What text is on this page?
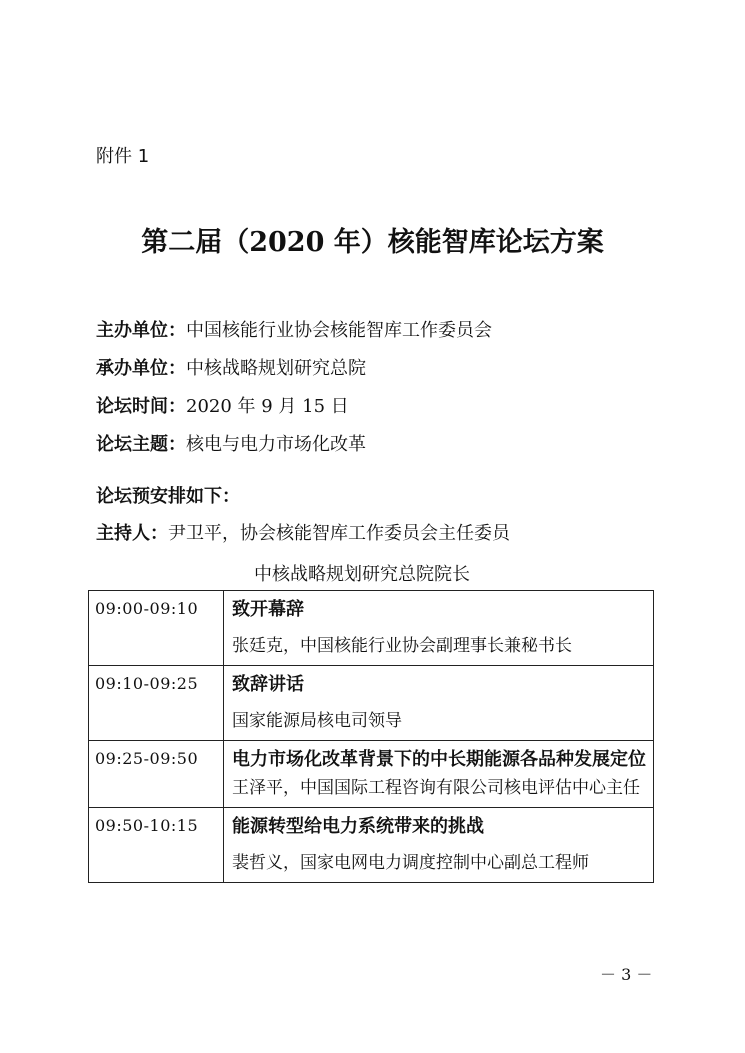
附件 1
第二届（2020 年）核能智库论坛方案
主办单位：中国核能行业协会核能智库工作委员会
承办单位：中核战略规划研究总院
论坛时间：2020 年 9 月 15 日
论坛主题：核电与电力市场化改革
论坛预安排如下：
主持人：尹卫平，协会核能智库工作委员会主任委员
中核战略规划研究总院院长
09:00-09:10	致开幕辞
张廷克，中国核能行业协会副理事长兼秘书长

09:10-09:25	致辞讲话
国家能源局核电司领导

09:25-09:50	电力市场化改革背景下的中长期能源各品种发展定位
王泽平，中国国际工程咨询有限公司核电评估中心主任

09:50-10:15	能源转型给电力系统带来的挑战
裴哲义，国家电网电力调度控制中心副总工程师
－ 3 －
